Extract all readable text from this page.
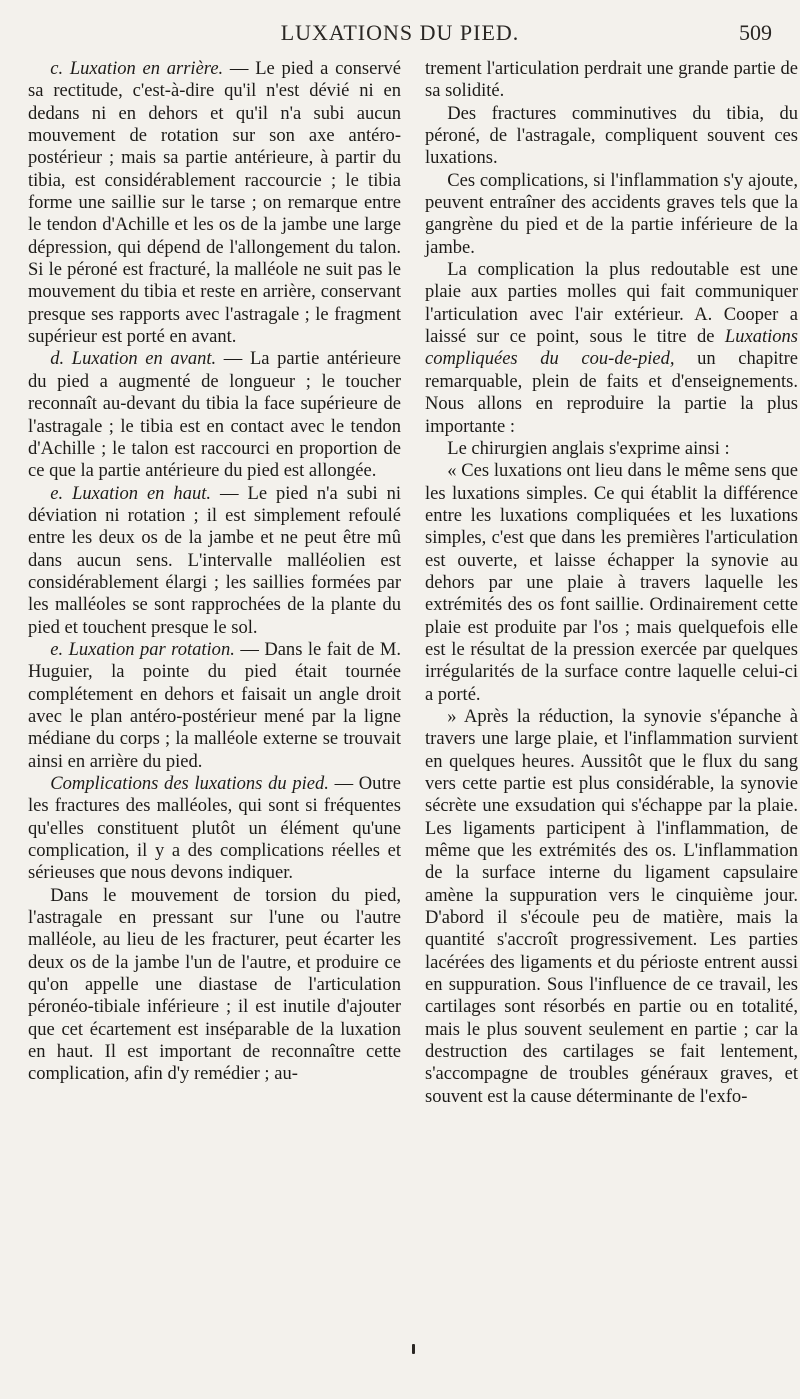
LUXATIONS DU PIED.	509

c. Luxation en arrière. — Le pied a conservé sa rectitude, c'est-à-dire qu'il n'est dévié ni en dedans ni en dehors et qu'il n'a subi aucun mouvement de rotation sur son axe antéro-postérieur ; mais sa partie antérieure, à partir du tibia, est considérablement raccourcie ; le tibia forme une saillie sur le tarse ; on remarque entre le tendon d'Achille et les os de la jambe une large dépression, qui dépend de l'allongement du talon. Si le péroné est fracturé, la malléole ne suit pas le mouvement du tibia et reste en arrière, conservant presque ses rapports avec l'astragale ; le fragment supérieur est porté en avant.

d. Luxation en avant. — La partie antérieure du pied a augmenté de longueur ; le toucher reconnaît au-devant du tibia la face supérieure de l'astragale ; le tibia est en contact avec le tendon d'Achille ; le talon est raccourci en proportion de ce que la partie antérieure du pied est allongée.

e. Luxation en haut. — Le pied n'a subi ni déviation ni rotation ; il est simplement refoulé entre les deux os de la jambe et ne peut être mû dans aucun sens. L'intervalle malléolien est considérablement élargi ; les saillies formées par les malléoles se sont rapprochées de la plante du pied et touchent presque le sol.

e. Luxation par rotation. — Dans le fait de M. Huguier, la pointe du pied était tournée complétement en dehors et faisait un angle droit avec le plan antéro-postérieur mené par la ligne médiane du corps ; la malléole externe se trouvait ainsi en arrière du pied.

Complications des luxations du pied. — Outre les fractures des malléoles, qui sont si fréquentes qu'elles constituent plutôt un élément qu'une complication, il y a des complications réelles et sérieuses que nous devons indiquer.

Dans le mouvement de torsion du pied, l'astragale en pressant sur l'une ou l'autre malléole, au lieu de les fracturer, peut écarter les deux os de la jambe l'un de l'autre, et produire ce qu'on appelle une diastase de l'articulation péronéo-tibiale inférieure ; il est inutile d'ajouter que cet écartement est inséparable de la luxation en haut. Il est important de reconnaître cette complication, afin d'y remédier ; au-

trement l'articulation perdrait une grande partie de sa solidité.

Des fractures comminutives du tibia, du péroné, de l'astragale, compliquent souvent ces luxations.

Ces complications, si l'inflammation s'y ajoute, peuvent entraîner des accidents graves tels que la gangrène du pied et de la partie inférieure de la jambe.

La complication la plus redoutable est une plaie aux parties molles qui fait communiquer l'articulation avec l'air extérieur. A. Cooper a laissé sur ce point, sous le titre de Luxations compliquées du cou-de-pied, un chapitre remarquable, plein de faits et d'enseignements. Nous allons en reproduire la partie la plus importante :

Le chirurgien anglais s'exprime ainsi :

« Ces luxations ont lieu dans le même sens que les luxations simples. Ce qui établit la différence entre les luxations compliquées et les luxations simples, c'est que dans les premières l'articulation est ouverte, et laisse échapper la synovie au dehors par une plaie à travers laquelle les extrémités des os font saillie. Ordinairement cette plaie est produite par l'os ; mais quelquefois elle est le résultat de la pression exercée par quelques irrégularités de la surface contre laquelle celui-ci a porté.

» Après la réduction, la synovie s'épanche à travers une large plaie, et l'inflammation survient en quelques heures. Aussitôt que le flux du sang vers cette partie est plus considérable, la synovie sécrète une exsudation qui s'échappe par la plaie. Les ligaments participent à l'inflammation, de même que les extrémités des os. L'inflammation de la surface interne du ligament capsulaire amène la suppuration vers le cinquième jour. D'abord il s'écoule peu de matière, mais la quantité s'accroît progressivement. Les parties lacérées des ligaments et du périoste entrent aussi en suppuration. Sous l'influence de ce travail, les cartilages sont résorbés en partie ou en totalité, mais le plus souvent seulement en partie ; car la destruction des cartilages se fait lentement, s'accompagne de troubles généraux graves, et souvent est la cause déterminante de l'exfo-
